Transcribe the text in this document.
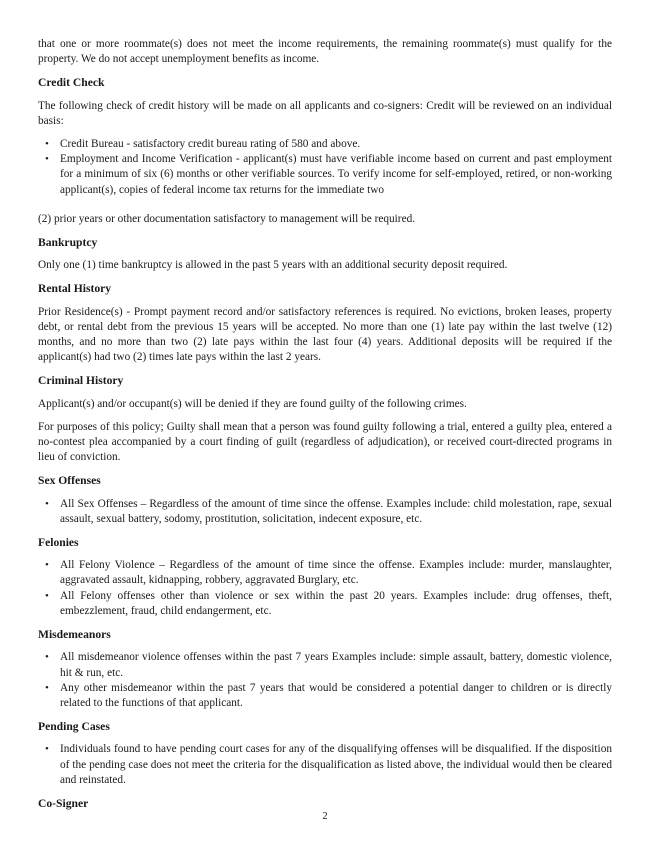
that one or more roommate(s) does not meet the income requirements, the remaining roommate(s) must qualify for the property. We do not accept unemployment benefits as income.

Credit Check

The following check of credit history will be made on all applicants and co-signers: Credit will be reviewed on an individual basis:

• Credit Bureau - satisfactory credit bureau rating of 580 and above.
• Employment and Income Verification - applicant(s) must have verifiable income based on current and past employment for a minimum of six (6) months or other verifiable sources. To verify income for self-employed, retired, or non-working applicant(s), copies of federal income tax returns for the immediate two

(2) prior years or other documentation satisfactory to management will be required.

Bankruptcy

Only one (1) time bankruptcy is allowed in the past 5 years with an additional security deposit required.

Rental History

Prior Residence(s) - Prompt payment record and/or satisfactory references is required. No evictions, broken leases, property debt, or rental debt from the previous 15 years will be accepted. No more than one (1) late pay within the last twelve (12) months, and no more than two (2) late pays within the last four (4) years. Additional deposits will be required if the applicant(s) had two (2) times late pays within the last 2 years.

Criminal History

Applicant(s) and/or occupant(s) will be denied if they are found guilty of the following crimes.

For purposes of this policy; Guilty shall mean that a person was found guilty following a trial, entered a guilty plea, entered a no-contest plea accompanied by a court finding of guilt (regardless of adjudication), or received court-directed programs in lieu of conviction.

Sex Offenses
• All Sex Offenses – Regardless of the amount of time since the offense. Examples include: child molestation, rape, sexual assault, sexual battery, sodomy, prostitution, solicitation, indecent exposure, etc.
Felonies
• All Felony Violence – Regardless of the amount of time since the offense. Examples include: murder, manslaughter, aggravated assault, kidnapping, robbery, aggravated Burglary, etc.
• All Felony offenses other than violence or sex within the past 20 years. Examples include: drug offenses, theft, embezzlement, fraud, child endangerment, etc.
Misdemeanors
• All misdemeanor violence offenses within the past 7 years Examples include: simple assault, battery, domestic violence, hit & run, etc.
• Any other misdemeanor within the past 7 years that would be considered a potential danger to children or is directly related to the functions of that applicant.
Pending Cases
• Individuals found to have pending court cases for any of the disqualifying offenses will be disqualified. If the disposition of the pending case does not meet the criteria for the disqualification as listed above, the individual would then be cleared and reinstated.
Co-Signer
2
